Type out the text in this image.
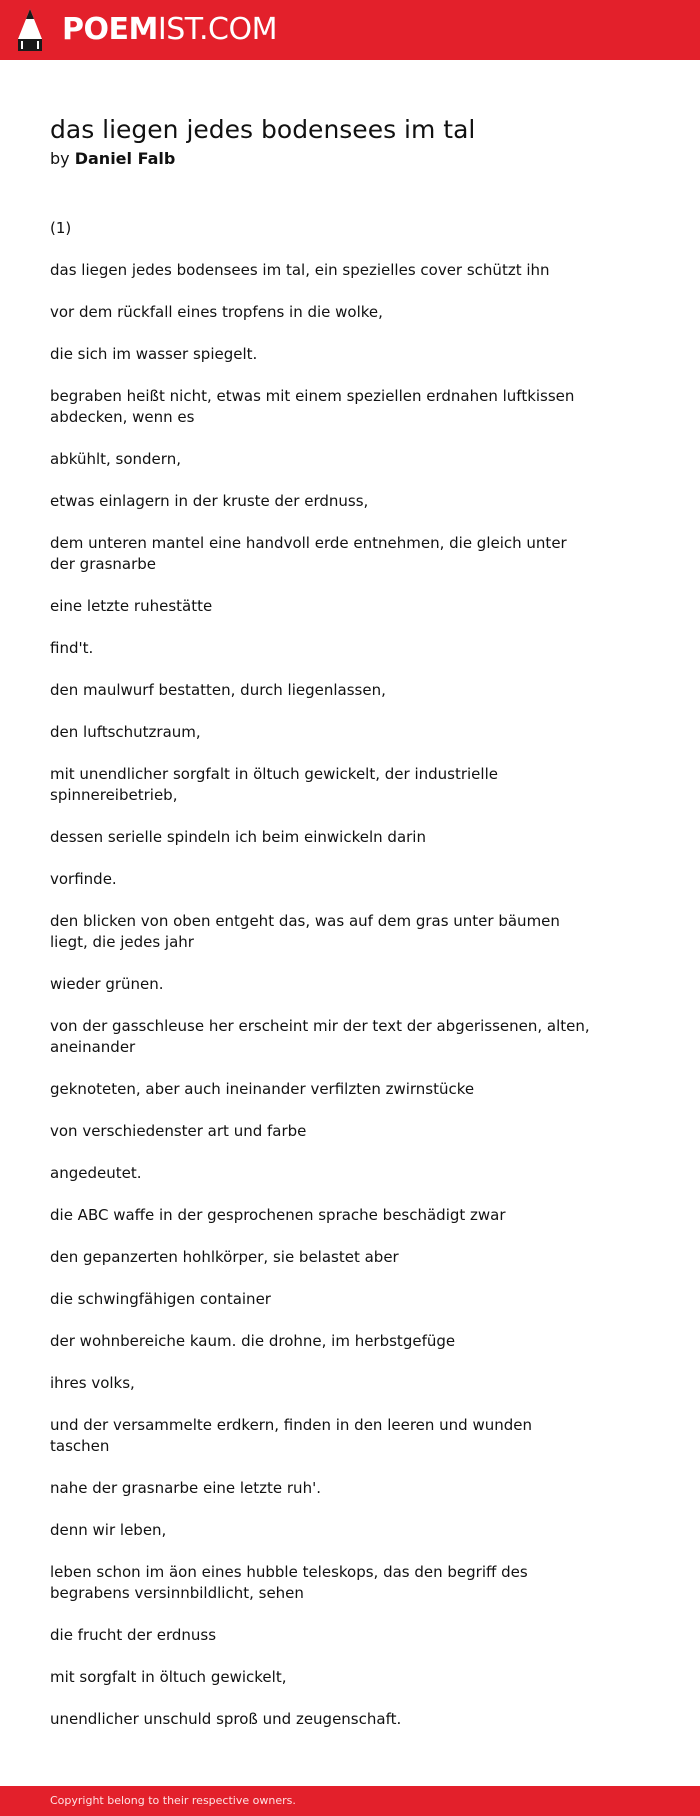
POEMIST.COM
das liegen jedes bodensees im tal
by Daniel Falb

(1)

das liegen jedes bodensees im tal, ein spezielles cover schützt ihn

vor dem rückfall eines tropfens in die wolke,

die sich im wasser spiegelt.

begraben heißt nicht, etwas mit einem speziellen erdnahen luftkissen abdecken, wenn es

abkühlt, sondern,

etwas einlagern in der kruste der erdnuss,

dem unteren mantel eine handvoll erde entnehmen, die gleich unter der grasnarbe

eine letzte ruhestätte

find't.

den maulwurf bestatten, durch liegenlassen,

den luftschutzraum,

mit unendlicher sorgfalt in öltuch gewickelt, der industrielle spinnereibetrieb,

dessen serielle spindeln ich beim einwickeln darin

vorfinde.

den blicken von oben entgeht das, was auf dem gras unter bäumen liegt, die jedes jahr

wieder grünen.

von der gasschleuse her erscheint mir der text der abgerissenen, alten, aneinander

geknoteten, aber auch ineinander verfilzten zwirnstücke

von verschiedenster art und farbe

angedeutet.

die ABC waffe in der gesprochenen sprache beschädigt zwar

den gepanzerten hohlkörper, sie belastet aber

die schwingfähigen container

der wohnbereiche kaum. die drohne, im herbstgefüge

ihres volks,

und der versammelte erdkern, finden in den leeren und wunden taschen

nahe der grasnarbe eine letzte ruh'.

denn wir leben,

leben schon im äon eines hubble teleskops, das den begriff des begrabens versinnbildlicht, sehen

die frucht der erdnuss

mit sorgfalt in öltuch gewickelt,

unendlicher unschuld sproß und zeugenschaft.

Copyright belong to their respective owners.
